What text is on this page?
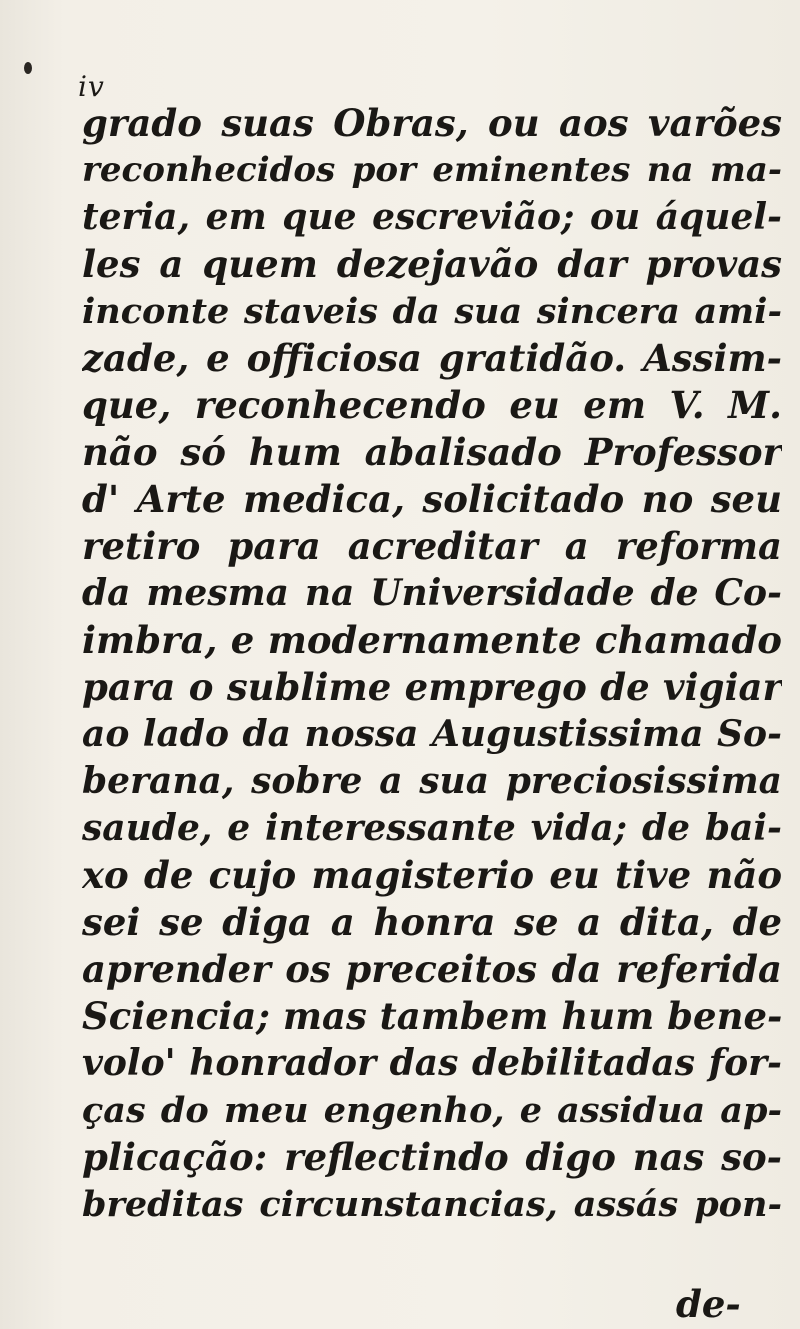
iv
grado suas Obras, ou aos varões
reconhecidos por eminentes na ma-
teria, em que escrevião; ou áquel-
les a quem dezejavão dar provas
inconte staveis da sua sincera ami-
zade, e officiosa gratidão. Assim-
que, reconhecendo eu em V. M.
não só hum abalisado Professor
d' Arte medica, solicitado no seu
retiro para acreditar a reforma
da mesma na Universidade de Co-
imbra, e modernamente chamado
para o sublime emprego de vigiar
ao lado da nossa Augustissima So-
berana, sobre a sua preciosissima
saude, e interessante vida; de bai-
xo de cujo magisterio eu tive não
sei se diga a honra se a dita, de
aprender os preceitos da referida
Sciencia; mas tambem hum bene-
volo' honrador das debilitadas for-
ças do meu engenho, e assidua ap-
plicação: reflectindo digo nas so-
breditas circunstancias, assás pon-
de-
